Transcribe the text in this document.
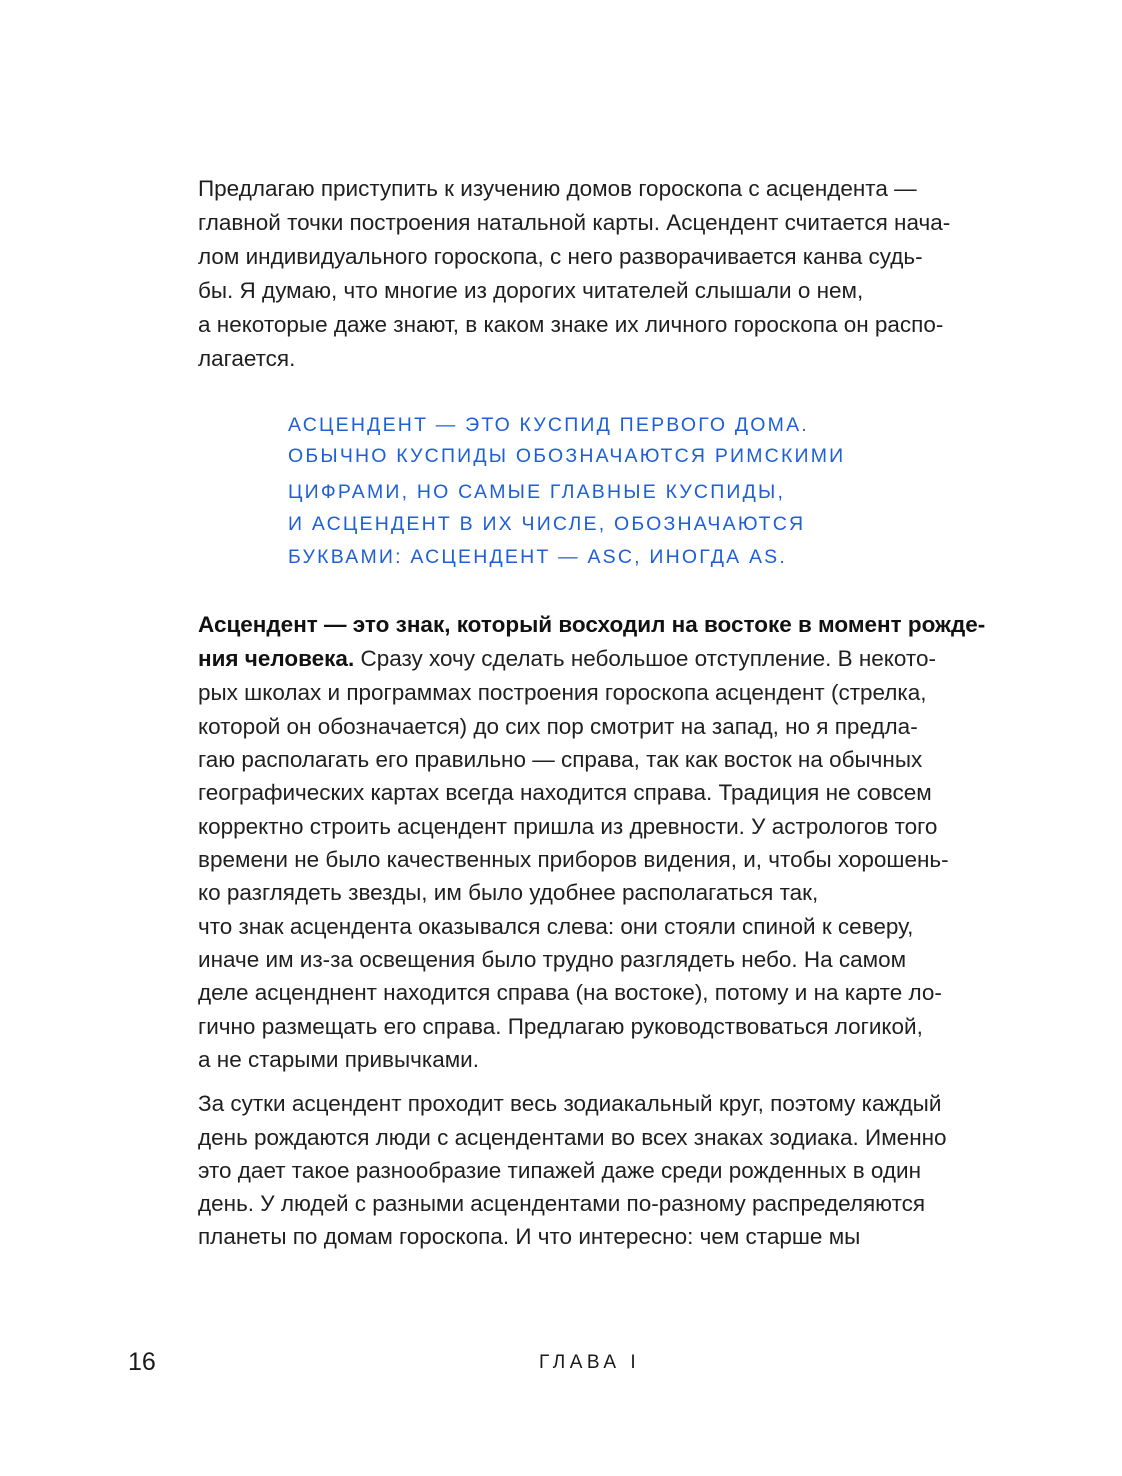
Предлагаю приступить к изучению домов гороскопа с асцендента —
главной точки построения натальной карты. Асцендент считается нача-
лом индивидуального гороскопа, с него разворачивается канва судь-
бы. Я думаю, что многие из дорогих читателей слышали о нем,
а некоторые даже знают, в каком знаке их личного гороскопа он распо-
лагается.
АСЦЕНДЕНТ — ЭТО КУСПИД ПЕРВОГО ДОМА.
ОБЫЧНО КУСПИДЫ ОБОЗНАЧАЮТСЯ РИМСКИМИ
ЦИФРАМИ, НО САМЫЕ ГЛАВНЫЕ КУСПИДЫ,
И АСЦЕНДЕНТ В ИХ ЧИСЛЕ, ОБОЗНАЧАЮТСЯ
БУКВАМИ: АСЦЕНДЕНТ — ASC, ИНОГДА AS.
Асцендент — это знак, который восходил на востоке в момент рожде-
ния человека. Сразу хочу сделать небольшое отступление. В некото-
рых школах и программах построения гороскопа асцендент (стрелка,
которой он обозначается) до сих пор смотрит на запад, но я предла-
гаю располагать его правильно — справа, так как восток на обычных
географических картах всегда находится справа. Традиция не совсем
корректно строить асцендент пришла из древности. У астрологов того
времени не было качественных приборов видения, и, чтобы хорошень-
ко разглядеть звезды, им было удобнее располагаться так,
что знак асцендента оказывался слева: они стояли спиной к северу,
иначе им из-за освещения было трудно разглядеть небо. На самом
деле асценднент находится справа (на востоке), потому и на карте ло-
гично размещать его справа. Предлагаю руководствоваться логикой,
а не старыми привычками.
За сутки асцендент проходит весь зодиакальный круг, поэтому каждый
день рождаются люди с асцендентами во всех знаках зодиака. Именно
это дает такое разнообразие типажей даже среди рожденных в один
день. У людей с разными асцендентами по-разному распределяются
планеты по домам гороскопа. И что интересно: чем старше мы
16	ГЛАВА I
